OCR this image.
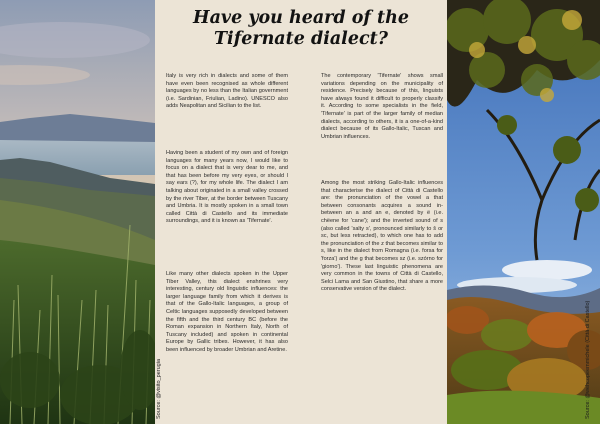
Have you heard of the
Tifernate dialect?

Italy is very rich in dialects and some of them have even been recognised as whole different languages by no less than the Italian government (i.e. Sardinian, Friulian, Ladino). UNESCO also adds Neapolitan and Sicilian to the list.

Having been a student of my own and of foreign languages for many years now, I would like to focus on a dialect that is very dear to me, and that has been before my very eyes, or should I say ears (?), for my whole life. The dialect I am talking about originated in a small valley crossed by the river Tiber, at the border between Tuscany and Umbria. It is mostly spoken in a small town called Città di Castello and its immediate surroundings, and it is known as 'Tifernate'.

Like many other dialects spoken in the Upper Tiber Valley, this dialect enshrines very interesting, century old linguistic influences: the larger language family from which it derives is that of the Gallo-Italic languages, a group of Celtic languages supposedly developed between the fifth and the third century BC (before the Roman expansion in Northern Italy, North of Tuscany included) and spoken in continental Europe by Gallic tribes. However, it has also been influenced by broader Umbrian and Aretine.

The contemporary 'Tifernate' shows small variations depending on the municipality of residence. Precisely because of this, linguists have always found it difficult to properly classify it. According to some specialists in the field, 'Tifernate' is part of the larger family of median dialects, according to others, it is a one-of-a-kind dialect because of its Gallo-Italic, Tuscan and Umbrian influences.

Among the most striking Gallo-Italic influences that characterise the dialect of Città di Castello are: the pronunciation of the vowel a that between consonants acquires a sound in-between an a and an e, denoted by ë (i.e. chëene for 'cane'); and the inverted sound of s (also called 'salty s', pronounced similarly to š or sc, but less retracted), to which one has to add the pronunciation of the z that becomes similar to s, like in the dialect from Romagna (i.e. forsa for 'forza') and the g that becomes sz (i.e. szórno for 'giorno'). These last linguistic phenomena are very common in the towns of Città di Castello, Selci Lama and San Giustino, that share a more conservative version of the dialect.

Source: @visito_perugia	Source: @wehcopeemmichele (Città di Castello)
